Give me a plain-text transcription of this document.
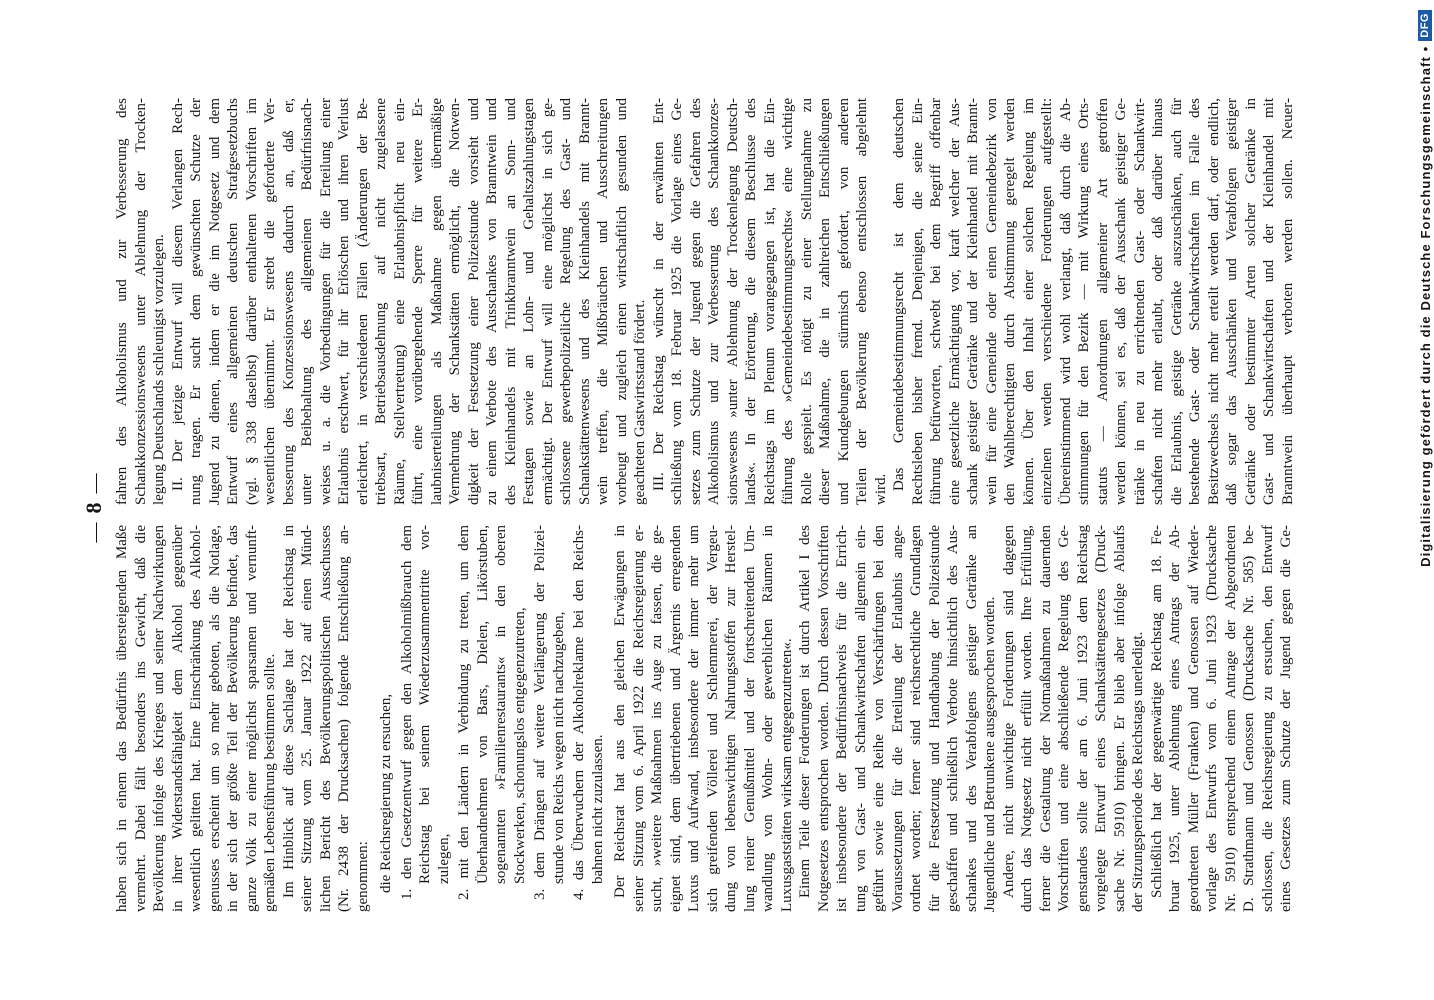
—8—
haben sich in einem das Bedürfnis übersteigenden Maße vermehrt. Dabei fällt besonders ins Gewicht, daß die Bevölkerung infolge des Krieges und seiner Nachwirkungen in ihrer Widerstandsfähigkeit dem Alkohol gegenüber wesentlich gelitten hat. Eine Einschränkung des Alkohol- genusses erscheint um so mehr geboten, als die Notlage, in der sich der größte Teil der Bevölkerung befindet, das ganze Volk zu einer möglichst sparsamen und vernunft- gemäßen Lebensführung bestimmen sollte. Im Hinblick auf diese Sachlage hat der Reichstag in seiner Sitzung vom 25. Januar 1922 auf einen Münd- lichen Bericht des Bevölkerungspolitischen Ausschusses (Nr. 2438 der Drucksachen) folgende Entschließung an- genommen: die Reichsregierung zu ersuchen, 1. den Gesetzentwurf gegen den Alkoholmißbrauch dem Reichstag bei seinem Wiederzusammentritte vor- zulegen, 2. mit den Ländern in Verbindung zu treten, um dem Überhandnehmen von Bars, Dielen, Likörstuben, sogenannten »Familienrestaurants« in den oberen Stockwerken, schonungslos entgegenzutreten, 3. dem Drängen auf weitere Verlängerung der Polizei- stunde von Reichs wegen nicht nachzugeben, 4. das Überwuchern der Alkoholreklame bei den Reichs- bahnen nicht zuzulassen. Der Reichsrat hat aus den gleichen Erwägungen in seiner Sitzung vom 6. April 1922 die Reichsregierung er- sucht, »weitere Maßnahmen ins Auge zu fassen, die ge- eignet sind, dem übertriebenen und Ärgernis erregenden Luxus und Aufwand, insbesondere der immer mehr um sich greifenden Völlerei und Schlemmerei, der Vergeu- dung von lebenswichtigen Nahrungsstoffen zur Herstel- lung reiner Genußmittel und der fortschreitenden Um- wandlung von Wohn- oder gewerblichen Räumen in Luxusgaststätten wirksam entgegenzutreten«. Einem Teile dieser Forderungen ist durch Artikel I des Notgesetzes entsprochen worden. Durch dessen Vorschriften ist insbesondere der Bedürfnisnachweis für die Errich- tung von Gast- und Schankwirtschaften allgemein ein- geführt sowie eine Reihe von Verschärfungen bei den Voraussetzungen für die Erteilung der Erlaubnis ange- ordnet worden; ferner sind reichsrechtliche Grundlagen für die Festsetzung und Handhabung der Polizeistunde geschaffen und schließlich Verbote hinsichtlich des Aus- schankes und des Verabfolgens geistiger Getränke an Jugendliche und Betrunkene ausgesprochen worden. Andere, nicht unwichtige Forderungen sind dagegen durch das Notgesetz nicht erfüllt worden. Ihre Erfüllung, ferner die Gestaltung der Notmaßnahmen zu dauernden Vorschriften und eine abschließende Regelung des Ge- genstandes sollte der am 6. Juni 1923 dem Reichstag vorgelegte Entwurf eines Schankstättengesetzes (Druck- sache Nr. 5910) bringen. Er blieb aber infolge Ablaufs der Sitzungsperiode des Reichstags unerledigt. Schließlich hat der gegenwärtige Reichstag am 18. Fe- bruar 1925, unter Ablehnung eines Antrags der Ab- geordneten Müller (Franken) und Genossen auf Wieder- vorlage des Entwurfs vom 6. Juni 1923 (Drucksache Nr. 5910) entsprechend einem Antrage der Abgeordneten D. Strathmann und Genossen (Drucksache Nr. 585) be- schlossen, die Reichsregierung zu ersuchen, den Entwurf eines Gesetzes zum Schutze der Jugend gegen die Ge-
fahren des Alkoholismus und zur Verbesserung des Schankkonzessionswesens unter Ablehnung der Trocken- legung Deutschlands schleunigst vorzulegen. II. Der jetzige Entwurf will diesem Verlangen Rech- nung tragen. Er sucht dem gewünschten Schutze der Jugend zu dienen, indem er die im Notgesetz und dem Entwurf eines allgemeinen deutschen Strafgesetzbuchs (vgl. § 338 daselbst) darüber enthaltenen Vorschriften im wesentlichen übernimmt. Er strebt die geforderte Ver- besserung des Konzessionswesens dadurch an, daß er, unter Beibehaltung des allgemeinen Bedürfnisnach- weises u. a. die Vorbedingungen für die Erteilung einer Erlaubnis erschwert, für ihr Erlöschen und ihren Verlust erleichtert, in verschiedenen Fällen (Änderungen der Be- triebsart, Betriebsausdehnung auf nicht zugelassene Räume, Stellvertretung) eine Erlaubnispflicht neu ein- führt, eine vorübergehende Sperre für weitere Er- laubniserteilungen als Maßnahme gegen übermäßige Vermehrung der Schankstätten ermöglicht, die Notwen- digkeit der Festsetzung einer Polizeistunde vorsieht und zu einem Verbote des Ausschankes von Branntwein und des Kleinhandels mit Trinkbranntwein an Sonn- und Festtagen sowie an Lohn- und Gehaltszahlungstagen ermächtigt. Der Entwurf will eine möglichst in sich ge- schlossene gewerbepolizeiliche Regelung des Gast- und Schankstättenwesens und des Kleinhandels mit Brannt- wein treffen, die Mißbräuchen und Ausschreitungen vorbeugt und zugleich einen wirtschaftlich gesunden und geachteten Gastwirtsstand fördert. III. Der Reichstag wünscht in der erwähnten Ent- schließung vom 18. Februar 1925 die Vorlage eines Ge- setzes zum Schutze der Jugend gegen die Gefahren des Alkoholismus und zur Verbesserung des Schankkonzes- sionswesens »unter Ablehnung der Trockenlegung Deutsch- lands«. In der Erörterung, die diesem Beschlusse des Reichstags im Plenum vorangegangen ist, hat die Ein- führung des »Gemeindebestimmungsrechts« eine wichtige Rolle gespielt. Es nötigt zu einer Stellungnahme zu dieser Maßnahme, die in zahlreichen Entschließungen und Kundgebungen stürmisch gefordert, von anderen Teilen der Bevölkerung ebenso entschlossen abgelehnt wird. Das Gemeindebestimmungsrecht ist dem deutschen Rechtsleben bisher fremd. Denjenigen, die seine Ein- führung befürworten, schwebt bei dem Begriff offenbar eine gesetzliche Ermächtigung vor, kraft welcher der Aus- schank geistiger Getränke und der Kleinhandel mit Brannt- wein für eine Gemeinde oder einen Gemeindebezirk von den Wahlberechtigten durch Abstimmung geregelt werden können. Über den Inhalt einer solchen Regelung im einzelnen werden verschiedene Forderungen aufgestellt: Übereinstimmend wird wohl verlangt, daß durch die Ab- stimmungen für den Bezirk — mit Wirkung eines Orts- statuts — Anordnungen allgemeiner Art getroffen werden können, sei es, daß der Ausschank geistiger Ge- tränke in neu zu errichtenden Gast- oder Schankwirt- schaften nicht mehr erlaubt, oder daß darüber hinaus die Erlaubnis, geistige Getränke auszuschänken, auch für bestehende Gast- oder Schankwirtschaften im Falle des Besitzwechsels nicht mehr erteilt werden darf, oder endlich, daß sogar das Ausschänken und Verabfolgen geistiger Getränke oder bestimmter Arten solcher Getränke in Gast- und Schankwirtschaften und der Kleinhandel mit Branntwein überhaupt verboten werden sollen. Neuer-	Digitalisierung gefördert durch die Deutsche Forschungsgemeinschaft •
DFG
